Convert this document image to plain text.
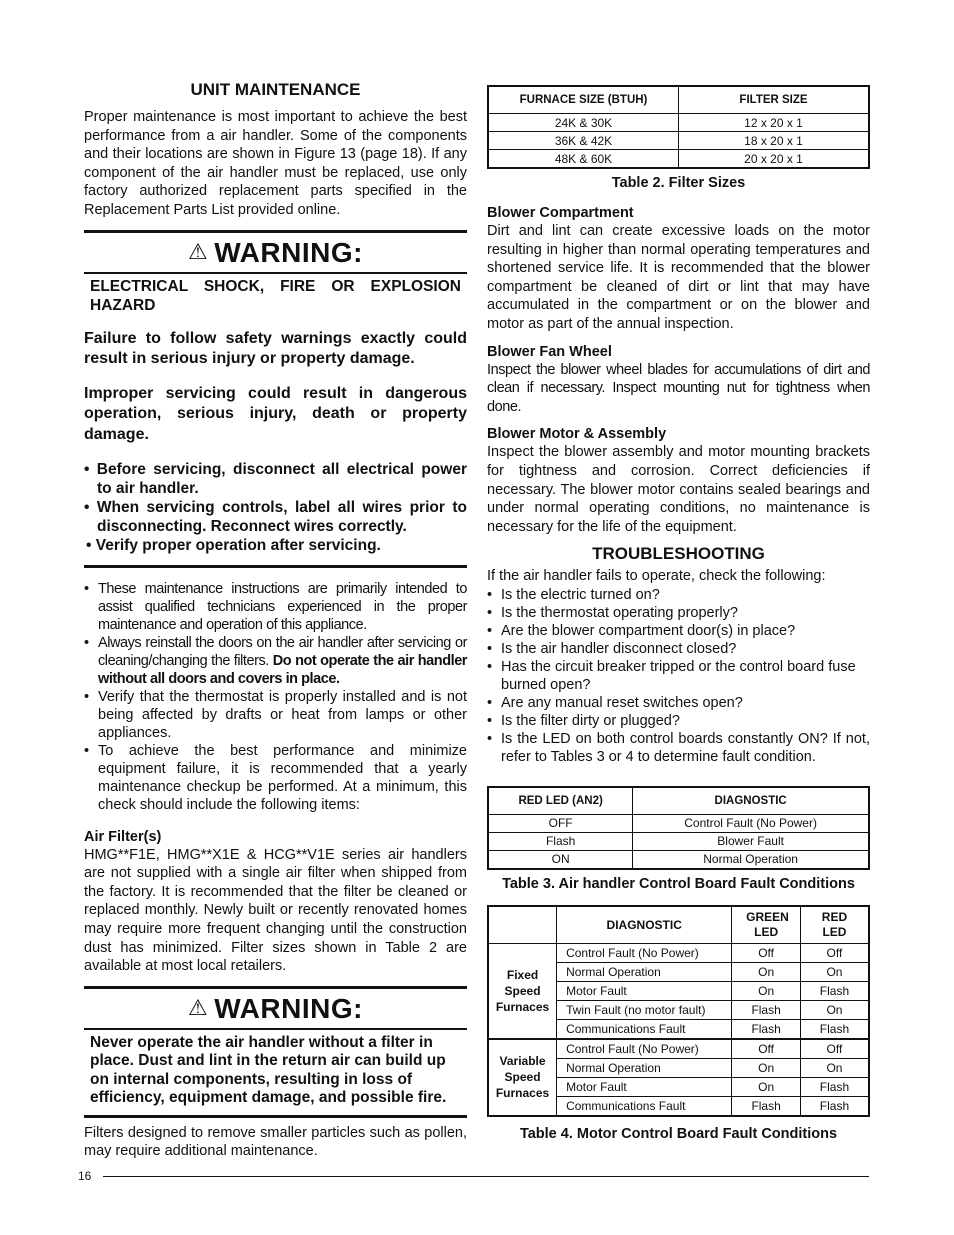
UNIT MAINTENANCE

Proper maintenance is most important to achieve the best performance from a air handler. Some of the components and their locations are shown in Figure 13 (page 18). If any component of the air handler must be replaced, use only factory authorized replacement parts specified in the Replacement Parts List provided online.

⚠ WARNING:
ELECTRICAL SHOCK, FIRE OR EXPLOSION HAZARD
Failure to follow safety warnings exactly could result in serious injury or property damage.
Improper servicing could result in dangerous operation, serious injury, death or property damage.
• Before servicing, disconnect all electrical power to air handler.
• When servicing controls, label all wires prior to disconnecting. Reconnect wires correctly.
• Verify proper operation after servicing.
• These maintenance instructions are primarily intended to assist qualified technicians experienced in the proper maintenance and operation of this appliance.
• Always reinstall the doors on the air handler after servicing or cleaning/changing the filters. Do not operate the air handler without all doors and covers in place.
• Verify that the thermostat is properly installed and is not being affected by drafts or heat from lamps or other appliances.
• To achieve the best performance and minimize equipment failure, it is recommended that a yearly maintenance checkup be performed. At a minimum, this check should include the following items:
Air Filter(s)

HMG**F1E, HMG**X1E & HCG**V1E series air handlers are not supplied with a single air filter when shipped from the factory. It is recommended that the filter be cleaned or replaced monthly. Newly built or recently renovated homes may require more frequent changing until the construction dust has minimized. Filter sizes shown in Table 2 are available at most local retailers.

⚠ WARNING:
Never operate the air handler without a filter in place. Dust and lint in the return air can build up on internal components, resulting in loss of efficiency, equipment damage, and possible fire.

Filters designed to remove smaller particles such as pollen, may require additional maintenance.

FURNACE SIZE (BTUH)	FILTER SIZE
24K & 30K	12 x 20 x 1
36K & 42K	18 x 20 x 1
48K & 60K	20 x 20 x 1
Table 2. Filter Sizes
Blower Compartment

Dirt and lint can create excessive loads on the motor resulting in higher than normal operating temperatures and shortened service life. It is recommended that the blower compartment be cleaned of dirt or lint that may have accumulated in the compartment or on the blower and motor as part of the annual inspection.

Blower Fan Wheel

Inspect the blower wheel blades for accumulations of dirt and clean if necessary. Inspect mounting nut for tightness when done.

Blower Motor & Assembly

Inspect the blower assembly and motor mounting brackets for tightness and corrosion. Correct deficiencies if necessary. The blower motor contains sealed bearings and under normal operating conditions, no maintenance is necessary for the life of the equipment.

TROUBLESHOOTING

If the air handler fails to operate, check the following:

• Is the electric turned on?
• Is the thermostat operating properly?
• Are the blower compartment door(s) in place?
• Is the air handler disconnect closed?
• Has the circuit breaker tripped or the control board fuse burned open?
• Are any manual reset switches open?
• Is the filter dirty or plugged?
• Is the LED on both control boards constantly ON? If not, refer to Tables 3 or 4 to determine fault condition.
RED LED (AN2)	DIAGNOSTIC
OFF	Control Fault (No Power)
Flash	Blower Fault
ON	Normal Operation
Table 3. Air handler Control Board Fault Conditions
	DIAGNOSTIC	GREEN LED	RED LED
Fixed Speed Furnaces	Control Fault (No Power)	Off	Off
	Normal Operation	On	On
	Motor Fault	On	Flash
	Twin Fault (no motor fault)	Flash	On
	Communications Fault	Flash	Flash
Variable Speed Furnaces	Control Fault (No Power)	Off	Off
	Normal Operation	On	On
	Motor Fault	On	Flash
	Communications Fault	Flash	Flash
Table 4. Motor Control Board Fault Conditions
16
